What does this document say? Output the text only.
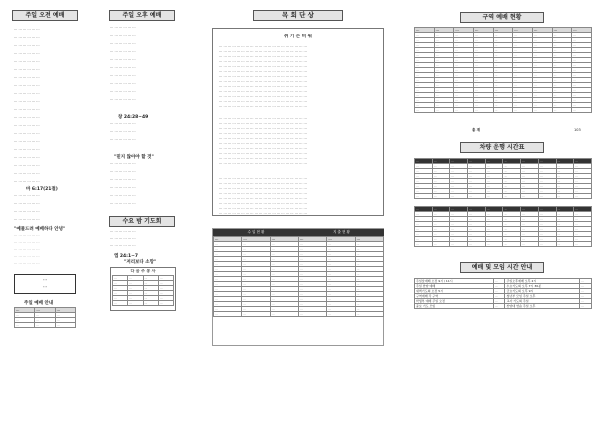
주일 오전 예배
··· ··· ··· ··· ··· ···
··· ··· ··· ··· ··· ···
··· ··· ··· ··· ··· ···
··· ··· ··· ··· ··· ···
··· ··· ··· ··· ··· ···
··· ··· ··· ··· ··· ···
··· ··· ··· ··· ··· ···
··· ··· ··· ··· ··· ···
··· ··· ··· ··· ··· ···
··· ··· ··· ··· ··· ···
··· ··· ··· ··· ··· ···
··· ··· ··· ··· ··· ···
··· ··· ··· ··· ··· ···
··· ··· ··· ··· ··· ···
··· ··· ··· ··· ··· ···
··· ··· ··· ··· ··· ···
··· ··· ··· ··· ··· ···
··· ··· ··· ··· ··· ···
··· ··· ··· ··· ··· ···
··· ··· ··· ··· ··· ···
··· ··· ··· ··· ··· ···
··· ··· ··· ··· ··· ···
··· ··· ··· ··· ··· ···
··· ··· ··· ··· ··· ···
··· ··· ··· ··· ··· ···
··· ··· ··· ··· ··· ···
··· ··· ··· ··· ··· ···
··· ··· ··· ··· ··· ···
··· ··· ··· ··· ··· ···
마 6:17(21절)
"예물드려 예배하다 안녕"
···
···
주일 예배 안내
···	···	···
···	···	···
···	···	···
···	···	···
주일 오후 예배
··· ··· ··· ··· ··· ···
··· ··· ··· ··· ··· ···
··· ··· ··· ··· ··· ···
··· ··· ··· ··· ··· ···
··· ··· ··· ··· ··· ···
··· ··· ··· ··· ··· ···
··· ··· ··· ··· ··· ···
··· ··· ··· ··· ··· ···
··· ··· ··· ··· ··· ···
··· ··· ··· ··· ··· ···
··· ··· ··· ··· ··· ···
··· ··· ··· ··· ··· ···
··· ··· ··· ··· ··· ···
··· ··· ··· ··· ··· ···
··· ··· ··· ··· ··· ···
··· ··· ··· ··· ··· ···
··· ··· ··· ··· ··· ···
··· ··· ··· ··· ··· ···
··· ··· ··· ··· ··· ···
창 24:28~49
"믿지 않아야 할 것"
수요 밤 기도회
··· ··· ··· ··· ··· ···
··· ··· ··· ··· ··· ···
··· ··· ··· ··· ··· ···
엡 24:1~7
"저리보다 소망"
다 음 주 봉 사
···	···	···	···
···	···	···	···
···	···	···	···
···	···	···	···
···	···	···	···
···	···	···	···
목 회 단 상
쉬 기 는 비 워
··· ··· ··· ··· ··· ··· ··· ··· ··· ··· ··· ··· ··· ··· ··· ··· ··· ··· ··· ···
··· ··· ··· ··· ··· ··· ··· ··· ··· ··· ··· ··· ··· ··· ··· ··· ··· ··· ··· ···
··· ··· ··· ··· ··· ··· ··· ··· ··· ··· ··· ··· ··· ··· ··· ··· ··· ··· ··· ···
··· ··· ··· ··· ··· ··· ··· ··· ··· ··· ··· ··· ··· ··· ··· ··· ··· ··· ··· ···
··· ··· ··· ··· ··· ··· ··· ··· ··· ··· ··· ··· ··· ··· ··· ··· ··· ··· ··· ···
··· ··· ··· ··· ··· ··· ··· ··· ··· ··· ··· ··· ··· ··· ··· ··· ··· ··· ··· ···
··· ··· ··· ··· ··· ··· ··· ··· ··· ··· ··· ··· ··· ··· ··· ··· ··· ··· ··· ···
··· ··· ··· ··· ··· ··· ··· ··· ··· ··· ··· ··· ··· ··· ··· ··· ··· ··· ··· ···
··· ··· ··· ··· ··· ··· ··· ··· ··· ··· ··· ··· ··· ··· ··· ··· ··· ··· ··· ···
··· ··· ··· ··· ··· ··· ··· ··· ··· ··· ··· ··· ··· ··· ··· ··· ··· ··· ··· ···
··· ··· ··· ··· ··· ··· ··· ··· ··· ··· ··· ··· ··· ··· ··· ··· ··· ··· ··· ···
··· ··· ··· ··· ··· ··· ··· ··· ··· ··· ··· ··· ··· ··· ··· ··· ··· ··· ··· ···
··· ··· ··· ··· ··· ··· ··· ··· ··· ··· ··· ··· ··· ··· ··· ··· ··· ··· ··· ···
··· ··· ··· ··· ··· ··· ··· ··· ··· ··· ··· ··· ··· ··· ··· ··· ··· ··· ··· ···
··· ··· ··· ··· ··· ··· ··· ··· ··· ··· ··· ··· ··· ··· ··· ··· ··· ··· ··· ···
··· ··· ··· ··· ··· ··· ··· ··· ··· ··· ··· ··· ··· ··· ··· ··· ··· ··· ··· ···
··· ··· ··· ··· ··· ··· ··· ··· ··· ··· ··· ··· ··· ··· ··· ··· ··· ··· ··· ···
··· ··· ··· ··· ··· ··· ··· ··· ··· ··· ··· ··· ··· ··· ··· ··· ··· ··· ··· ···
··· ··· ··· ··· ··· ··· ··· ··· ··· ··· ··· ··· ··· ··· ··· ··· ··· ··· ··· ···
··· ··· ··· ··· ··· ··· ··· ··· ··· ··· ··· ··· ··· ··· ··· ··· ··· ··· ··· ···
··· ··· ··· ··· ··· ··· ··· ··· ··· ··· ··· ··· ··· ··· ··· ··· ··· ··· ··· ···
··· ··· ··· ··· ··· ··· ··· ··· ··· ··· ··· ··· ··· ··· ··· ··· ··· ··· ··· ···
··· ··· ··· ··· ··· ··· ··· ··· ··· ··· ··· ··· ··· ··· ··· ··· ··· ··· ··· ···
··· ··· ··· ··· ··· ··· ··· ··· ··· ··· ··· ··· ··· ··· ··· ··· ··· ··· ··· ···
··· ··· ··· ··· ··· ··· ··· ··· ··· ··· ··· ··· ··· ··· ··· ··· ··· ··· ··· ···
··· ··· ··· ··· ··· ··· ··· ··· ··· ··· ··· ··· ··· ··· ··· ··· ··· ··· ··· ···
··· ··· ··· ··· ··· ··· ··· ··· ··· ··· ··· ··· ··· ··· ··· ··· ··· ··· ··· ···
··· ··· ··· ··· ··· ··· ··· ··· ··· ··· ··· ··· ··· ··· ··· ··· ··· ··· ··· ···
··· ··· ··· ··· ··· ··· ··· ··· ··· ··· ··· ··· ··· ··· ··· ··· ··· ··· ··· ···
··· ··· ··· ··· ··· ··· ··· ··· ··· ··· ··· ··· ··· ··· ··· ··· ··· ··· ··· ···
··· ··· ··· ··· ··· ··· ··· ··· ··· ··· ··· ··· ··· ··· ··· ··· ··· ··· ··· ···
수 입 현 황	지 출 현 황
···	···	···	···	···	···
···	···	···	···	···	···
···	···	···	···	···	···
···	···	···	···	···	···
···	···	···	···	···	···
···	···	···	···	···	···
···	···	···	···	···	···
···	···	···	···	···	···
···	···	···	···	···	···
···	···	···	···	···	···
···	···	···	···	···	···
···	···	···	···	···	···
···	···	···	···	···	···
···	···	···	···	···	···
···	···	···	···	···	···
···	···	···	···	···	···
구역 예배 현황
···	···	···	···	···	···	···	···	···
···	···	···	···	···	···	···	···	···
···	···	···	···	···	···	···	···	···
···	···	···	···	···	···	···	···	···
···	···	···	···	···	···	···	···	···
···	···	···	···	···	···	···	···	···
···	···	···	···	···	···	···	···	···
···	···	···	···	···	···	···	···	···
···	···	···	···	···	···	···	···	···
···	···	···	···	···	···	···	···	···
···	···	···	···	···	···	···	···	···
···	···	···	···	···	···	···	···	···
···	···	···	···	···	···	···	···	···
···	···	···	···	···	···	···	···	···
···	···	···	···	···	···	···	···	···
···	···	···	···	···	···	···	···	···
···	···	···	···	···	···	···	···	···
총 계	103
차량 운행 시간표
···	···	···	···	···	···	···	···	···	···
···	···	···	···	···	···	···	···	···	···
···	···	···	···	···	···	···	···	···	···
···	···	···	···	···	···	···	···	···	···
···	···	···	···	···	···	···	···	···	···
···	···	···	···	···	···	···	···	···	···
···	···	···	···	···	···	···	···	···	···
···	···	···	···	···	···	···	···	···	···
···	···	···	···	···	···	···	···	···	···
···	···	···	···	···	···	···	···	···	···
···	···	···	···	···	···	···	···	···	···
···	···	···	···	···	···	···	···	···	···
···	···	···	···	···	···	···	···	···	···
···	···	···	···	···	···	···	···	···	···
···	···	···	···	···	···	···	···	···	···
···	···	···	···	···	···	···	···	···	···
예배 및 모임 시간 안내
주일낮예배 오전 9시 / 11시	···	주일오후예배 오후 2시	···
주일 찬양 예배	···	수요기도회 오후 7시 30분	···
새벽기도회 오전 5시	···	금요기도회 오후 9시	···
구역예배 각 구역	···	청년부 모임 주일 오후	···
학생부 예배 주일 오전	···	교사 기도회 주일	···
중보 기도 모임	···	찬양대 연습 주일 오후	···
